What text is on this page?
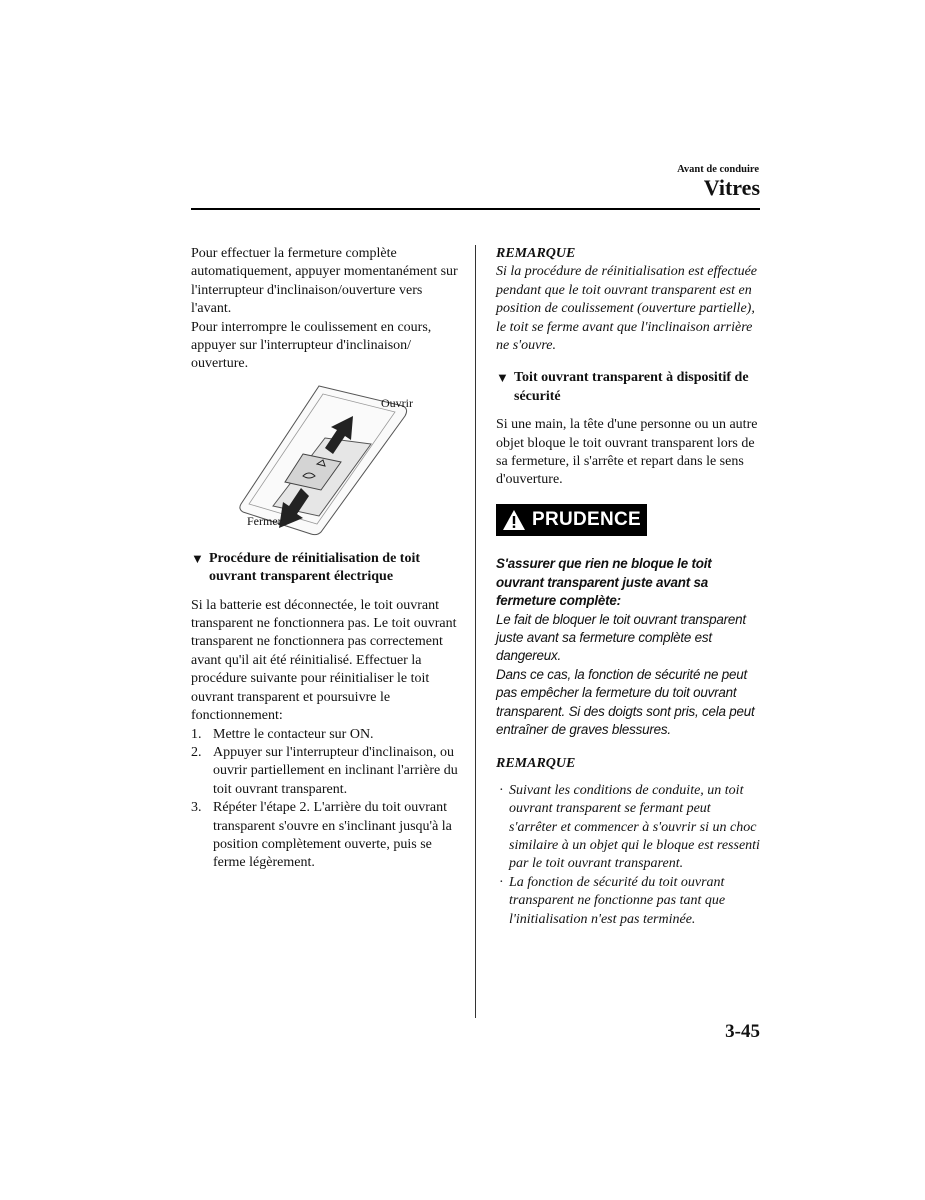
Avant de conduire
Vitres

Pour effectuer la fermeture complète automatiquement, appuyer momentanément sur l'interrupteur d'inclinaison/ouverture vers l'avant.

Pour interrompre le coulissement en cours, appuyer sur l'interrupteur d'inclinaison/ ouverture.

Ouvrir
Fermer
▼ Procédure de réinitialisation de toit ouvrant transparent électrique

Si la batterie est déconnectée, le toit ouvrant transparent ne fonctionnera pas. Le toit ouvrant transparent ne fonctionnera pas correctement avant qu'il ait été réinitialisé. Effectuer la procédure suivante pour réinitialiser le toit ouvrant transparent et poursuivre le fonctionnement:

1. Mettre le contacteur sur ON.
2. Appuyer sur l'interrupteur d'inclinaison, ou ouvrir partiellement en inclinant l'arrière du toit ouvrant transparent.
3. Répéter l'étape 2. L'arrière du toit ouvrant transparent s'ouvre en s'inclinant jusqu'à la position complètement ouverte, puis se ferme légèrement.
REMARQUE

Si la procédure de réinitialisation est effectuée pendant que le toit ouvrant transparent est en position de coulissement (ouverture partielle), le toit se ferme avant que l'inclinaison arrière ne s'ouvre.

▼ Toit ouvrant transparent à dispositif de sécurité

Si une main, la tête d'une personne ou un autre objet bloque le toit ouvrant transparent lors de sa fermeture, il s'arrête et repart dans le sens d'ouverture.

PRUDENCE

S'assurer que rien ne bloque le toit ouvrant transparent juste avant sa fermeture complète:

Le fait de bloquer le toit ouvrant transparent juste avant sa fermeture complète est dangereux.

Dans ce cas, la fonction de sécurité ne peut pas empêcher la fermeture du toit ouvrant transparent. Si des doigts sont pris, cela peut entraîner de graves blessures.

REMARQUE
· Suivant les conditions de conduite, un toit ouvrant transparent se fermant peut s'arrêter et commencer à s'ouvrir si un choc similaire à un objet qui le bloque est ressenti par le toit ouvrant transparent.
· La fonction de sécurité du toit ouvrant transparent ne fonctionne pas tant que l'initialisation n'est pas terminée.
3-45
